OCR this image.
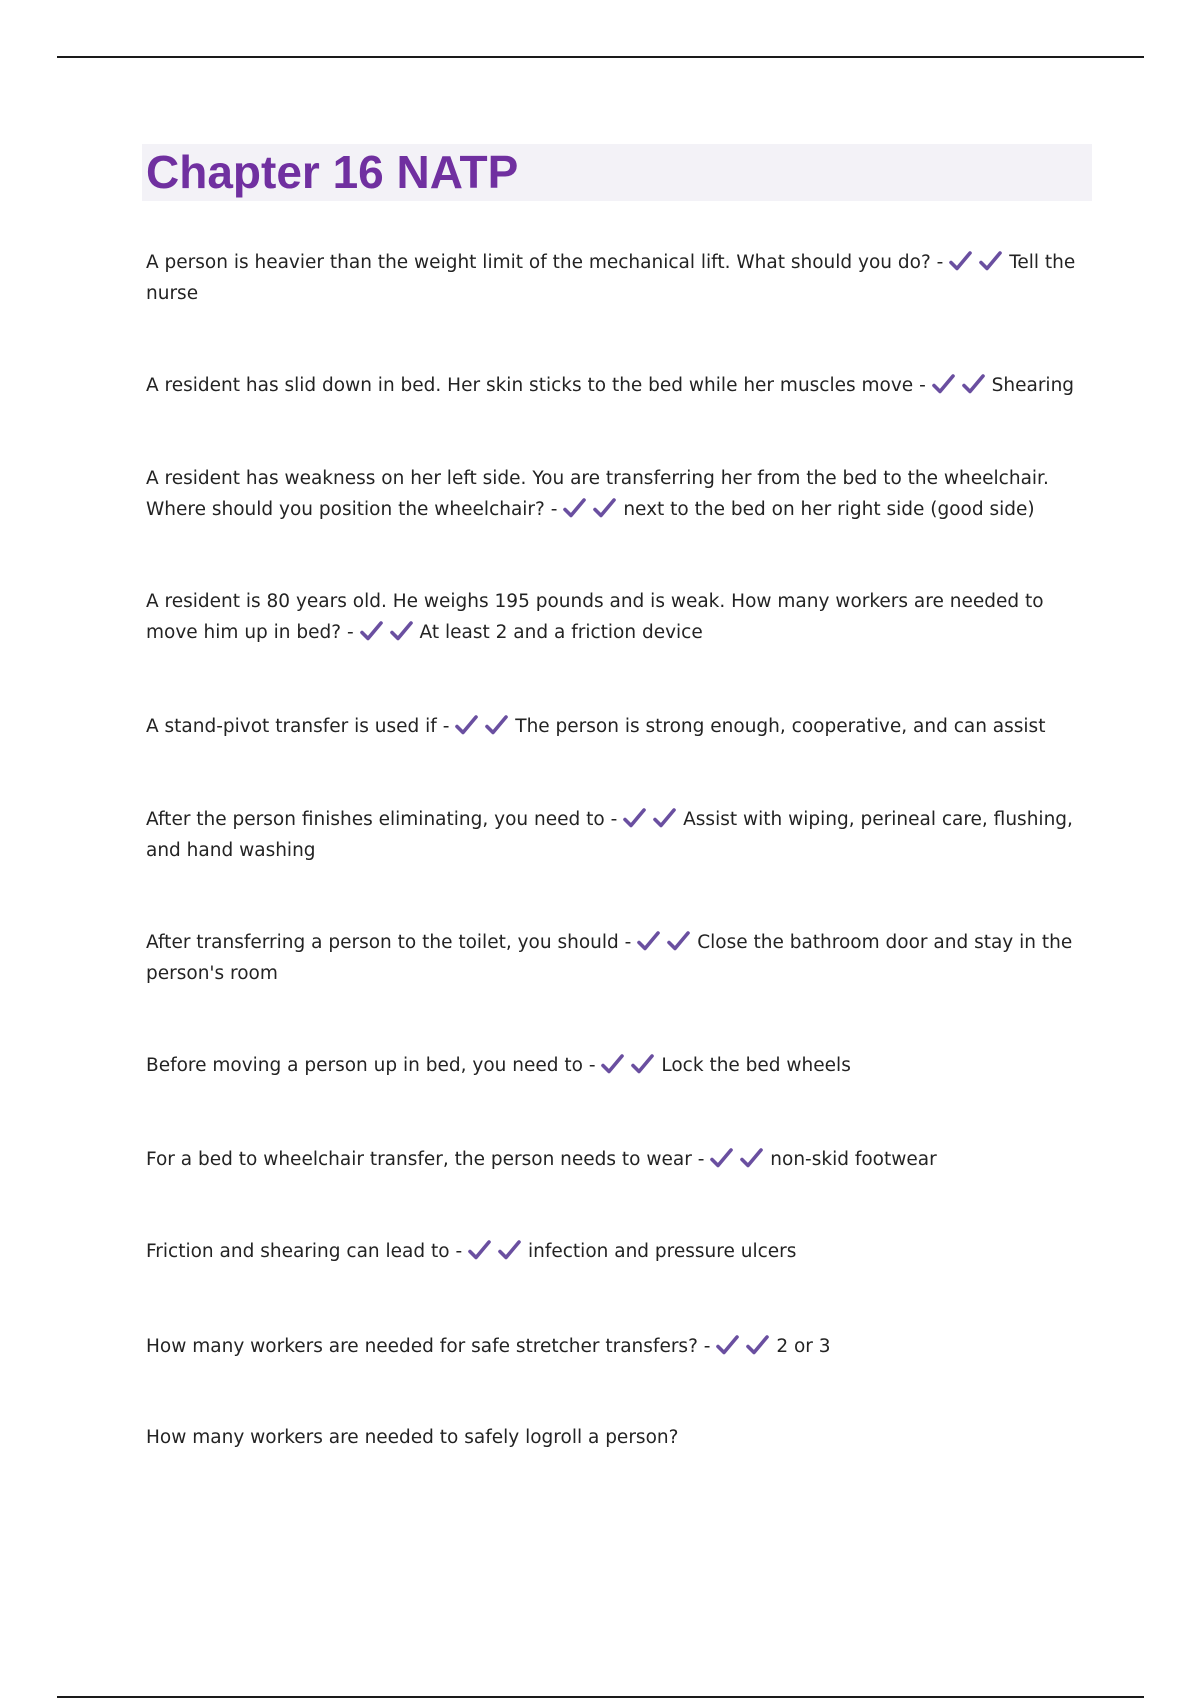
Chapter 16 NATP

A person is heavier than the weight limit of the mechanical lift. What should you do? -	Tell the nurse

A resident has slid down in bed. Her skin sticks to the bed while her muscles move -	Shearing

A resident has weakness on her left side. You are transferring her from the bed to the wheelchair. Where should you position the wheelchair? -	next to the bed on her right side (good side)

A resident is 80 years old. He weighs 195 pounds and is weak. How many workers are needed to move him up in bed? -	At least 2 and a friction device

A stand-pivot transfer is used if -	The person is strong enough, cooperative, and can assist

After the person finishes eliminating, you need to -	Assist with wiping, perineal care, flushing, and hand washing

After transferring a person to the toilet, you should -	Close the bathroom door and stay in the person's room

Before moving a person up in bed, you need to -	Lock the bed wheels

For a bed to wheelchair transfer, the person needs to wear -	non-skid footwear

Friction and shearing can lead to -	infection and pressure ulcers

How many workers are needed for safe stretcher transfers? -	2 or 3

How many workers are needed to safely logroll a person?
